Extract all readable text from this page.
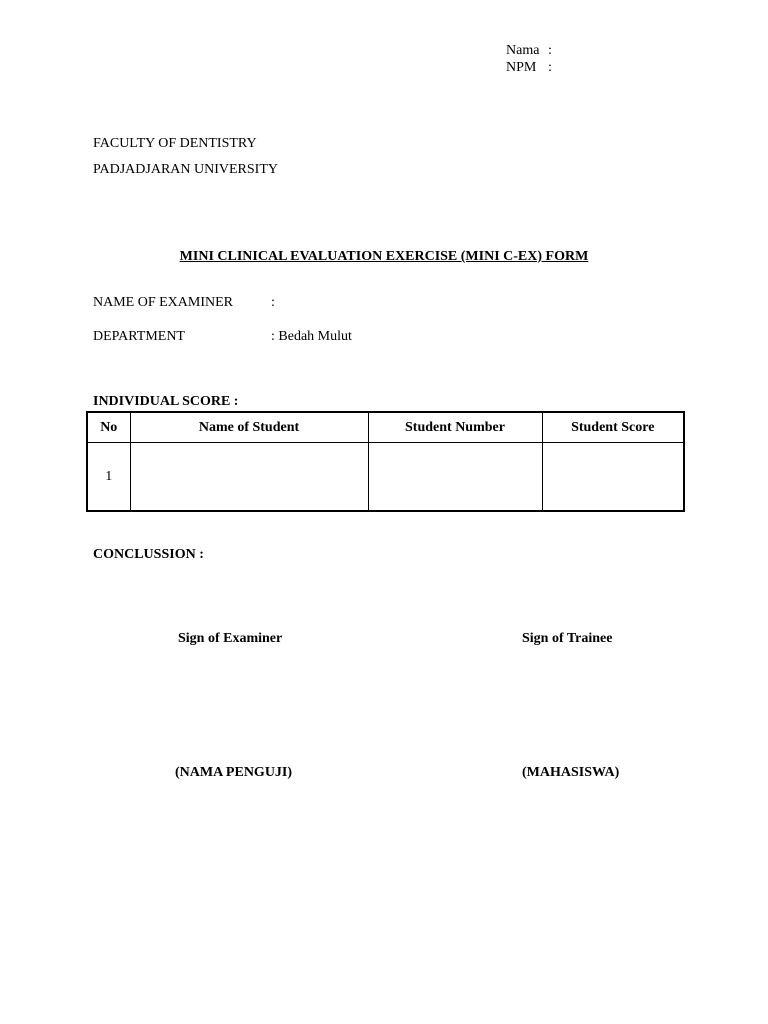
Nama :
NPM :
FACULTY OF DENTISTRY
PADJADJARAN UNIVERSITY
MINI CLINICAL EVALUATION EXERCISE (MINI C-EX) FORM
NAME OF EXAMINER	:
DEPARTMENT	: Bedah Mulut
INDIVIDUAL SCORE :
No	Name of Student	Student Number	Student Score
1			
CONCLUSSION :
Sign of Examiner	Sign of Trainee
(NAMA PENGUJI)	(MAHASISWA)
